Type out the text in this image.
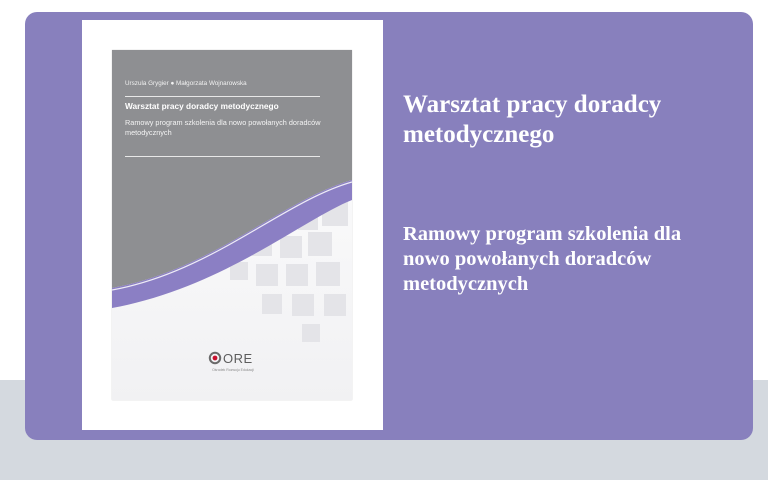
Urszula Grygier ● Małgorzata Wojnarowska
Warsztat pracy doradcy metodycznego
Ramowy program szkolenia dla nowo powołanych doradców metodycznych
ORE
Ośrodek Rozwoju Edukacji
Warsztat pracy doradcy metodycznego
Ramowy program szkolenia dla nowo powołanych doradców metodycznych
